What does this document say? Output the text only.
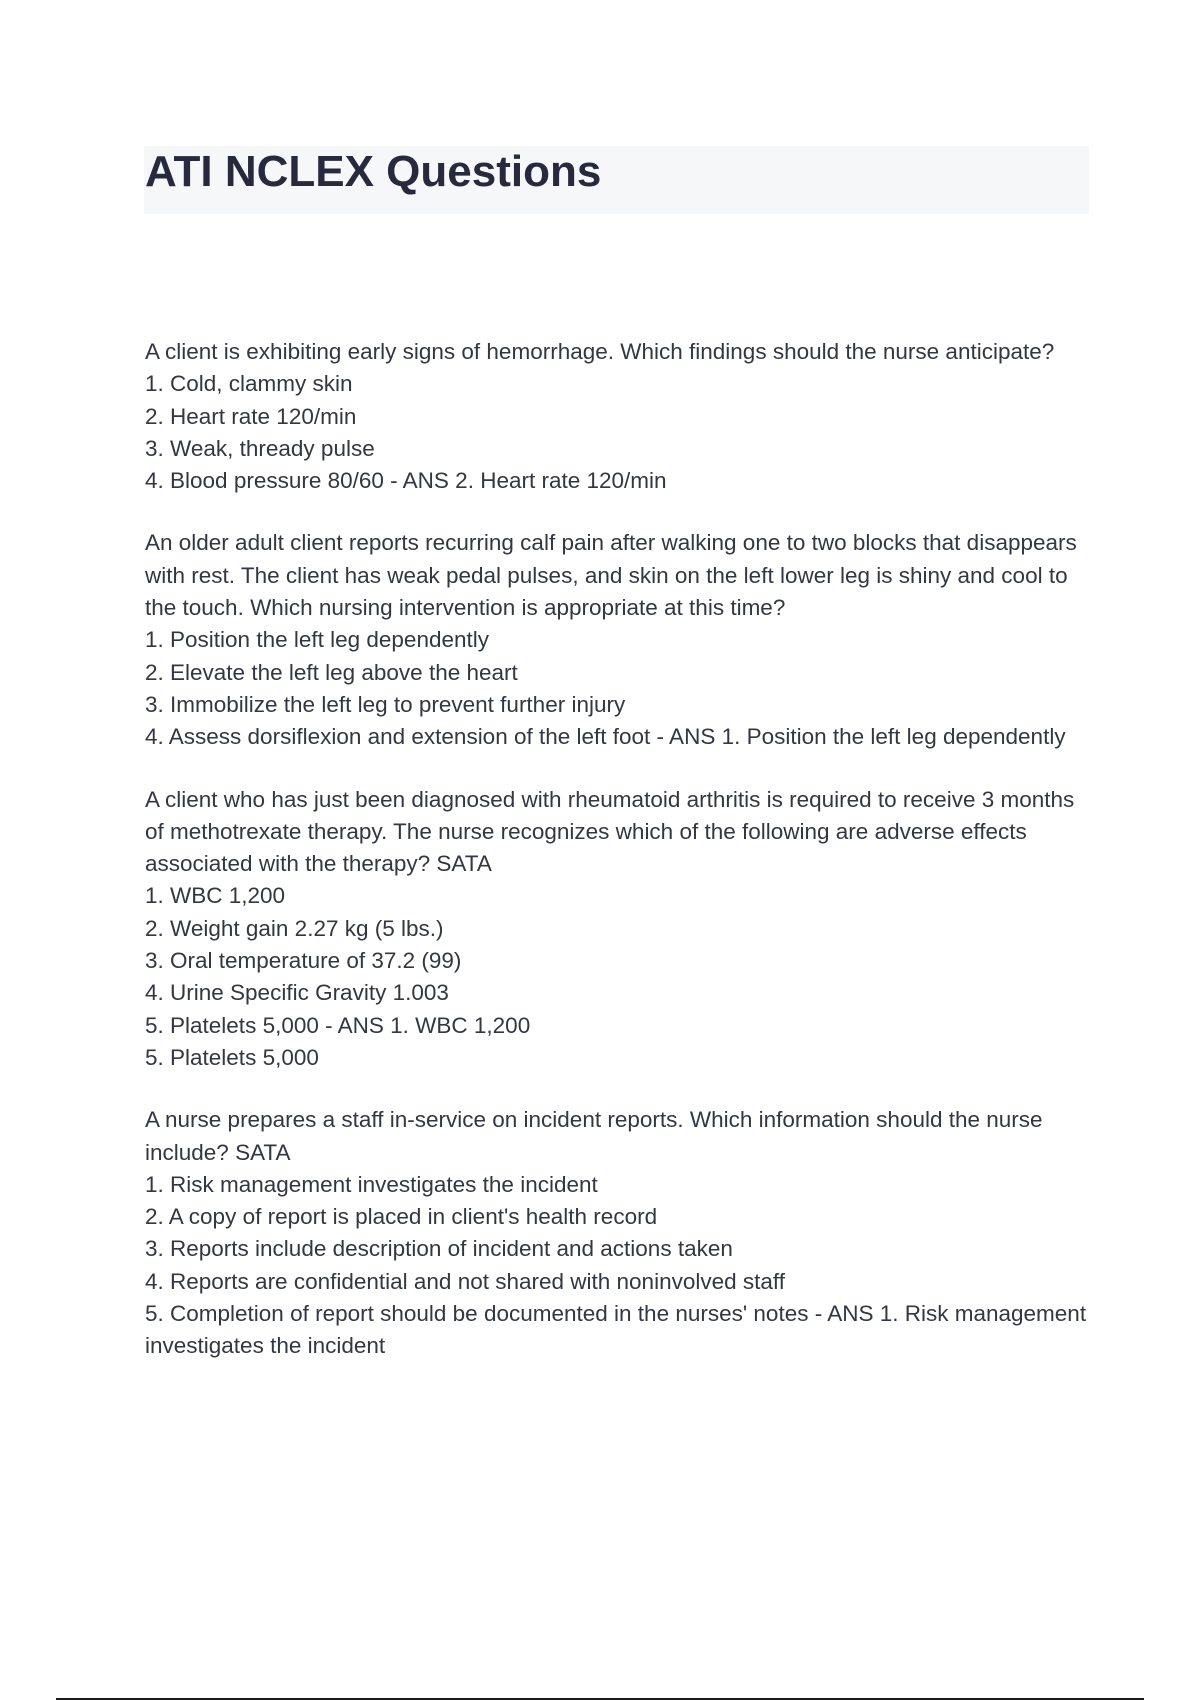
ATI NCLEX Questions

A client is exhibiting early signs of hemorrhage. Which findings should the nurse anticipate?

1. Cold, clammy skin
2. Heart rate 120/min
3. Weak, thready pulse
4. Blood pressure 80/60 - ANS 2. Heart rate 120/min

An older adult client reports recurring calf pain after walking one to two blocks that disappears with rest. The client has weak pedal pulses, and skin on the left lower leg is shiny and cool to the touch. Which nursing intervention is appropriate at this time?

1. Position the left leg dependently
2. Elevate the left leg above the heart
3. Immobilize the left leg to prevent further injury
4. Assess dorsiflexion and extension of the left foot - ANS 1. Position the left leg dependently

A client who has just been diagnosed with rheumatoid arthritis is required to receive 3 months of methotrexate therapy. The nurse recognizes which of the following are adverse effects associated with the therapy? SATA

1. WBC 1,200
2. Weight gain 2.27 kg (5 lbs.)
3. Oral temperature of 37.2 (99)
4. Urine Specific Gravity 1.003
5. Platelets 5,000 - ANS 1. WBC 1,200
5. Platelets 5,000

A nurse prepares a staff in-service on incident reports. Which information should the nurse include? SATA

1. Risk management investigates the incident
2. A copy of report is placed in client's health record
3. Reports include description of incident and actions taken
4. Reports are confidential and not shared with noninvolved staff
5. Completion of report should be documented in the nurses' notes - ANS 1. Risk management investigates the incident
